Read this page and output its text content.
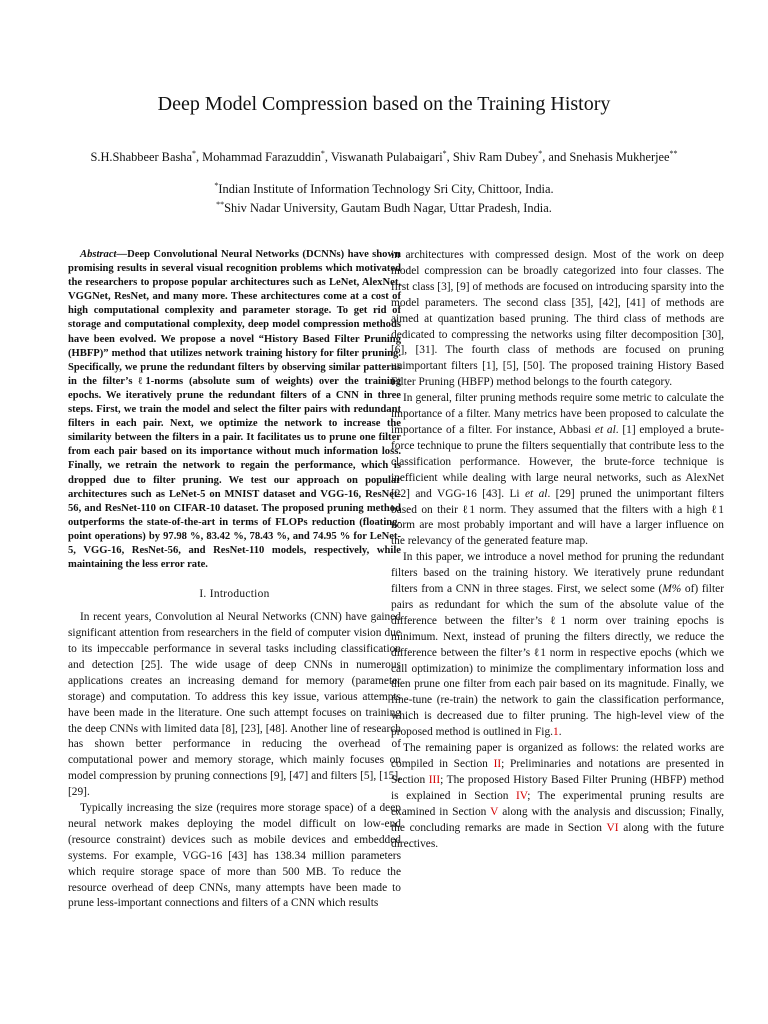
Deep Model Compression based on the Training History
S.H.Shabbeer Basha*, Mohammad Farazuddin*, Viswanath Pulabaigari*, Shiv Ram Dubey*, and Snehasis Mukherjee**
*Indian Institute of Information Technology Sri City, Chittoor, India.
**Shiv Nadar University, Gautam Budh Nagar, Uttar Pradesh, India.

Abstract—Deep Convolutional Neural Networks (DCNNs) have shown promising results in several visual recognition problems which motivated the researchers to propose popular architectures such as LeNet, AlexNet, VGGNet, ResNet, and many more. These architectures come at a cost of high computational complexity and parameter storage. To get rid of storage and computational complexity, deep model compression methods have been evolved. We propose a novel “History Based Filter Pruning (HBFP)” method that utilizes network training history for filter pruning. Specifically, we prune the redundant filters by observing similar patterns in the filter’s ℓ1-norms (absolute sum of weights) over the training epochs. We iteratively prune the redundant filters of a CNN in three steps. First, we train the model and select the filter pairs with redundant filters in each pair. Next, we optimize the network to increase the similarity between the filters in a pair. It facilitates us to prune one filter from each pair based on its importance without much information loss. Finally, we retrain the network to regain the performance, which is dropped due to filter pruning. We test our approach on popular architectures such as LeNet-5 on MNIST dataset and VGG-16, ResNet-56, and ResNet-110 on CIFAR-10 dataset. The proposed pruning method outperforms the state-of-the-art in terms of FLOPs reduction (floating-point operations) by 97.98 %, 83.42 %, 78.43 %, and 74.95 % for LeNet-5, VGG-16, ResNet-56, and ResNet-110 models, respectively, while maintaining the less error rate.

I. Introduction

In recent years, Convolution al Neural Networks (CNN) have gained significant attention from researchers in the field of computer vision due to its impeccable performance in several tasks including classification and detection [25]. The wide usage of deep CNNs in numerous applications creates an increasing demand for memory (parameter storage) and computation. To address this key issue, various attempts have been made in the literature. One such attempt focuses on training the deep CNNs with limited data [8], [23], [48]. Another line of research has shown better performance in reducing the overhead of computational power and memory storage, which mainly focuses on model compression by pruning connections [9], [47] and filters [5], [15], [29].

Typically increasing the size (requires more storage space) of a deep neural network makes deploying the model difficult on low-end (resource constraint) devices such as mobile devices and embedded systems. For example, VGG-16 [43] has 138.34 million parameters which require storage space of more than 500 MB. To reduce the resource overhead of deep CNNs, many attempts have been made to prune less-important connections and filters of a CNN which results

in architectures with compressed design. Most of the work on deep model compression can be broadly categorized into four classes. The first class [3], [9] of methods are focused on introducing sparsity into the model parameters. The second class [35], [42], [41] of methods are aimed at quantization based pruning. The third class of methods are dedicated to compressing the networks using filter decomposition [30], [6], [31]. The fourth class of methods are focused on pruning unimportant filters [1], [5], [50]. The proposed training History Based Filter Pruning (HBFP) method belongs to the fourth category.

In general, filter pruning methods require some metric to calculate the importance of a filter. Many metrics have been proposed to calculate the importance of a filter. For instance, Abbasi et al. [1] employed a brute-force technique to prune the filters sequentially that contribute less to the classification performance. However, the brute-force technique is inefficient while dealing with large neural networks, such as AlexNet [22] and VGG-16 [43]. Li et al. [29] pruned the unimportant filters based on their ℓ1 norm. They assumed that the filters with a high ℓ1 norm are most probably important and will have a larger influence on the relevancy of the generated feature map.

In this paper, we introduce a novel method for pruning the redundant filters based on the training history. We iteratively prune redundant filters from a CNN in three stages. First, we select some (M% of) filter pairs as redundant for which the sum of the absolute value of the difference between the filter’s ℓ1 norm over training epochs is minimum. Next, instead of pruning the filters directly, we reduce the difference between the filter’s ℓ1 norm in respective epochs (which we call optimization) to minimize the complimentary information loss and then prune one filter from each pair based on its magnitude. Finally, we fine-tune (re-train) the network to gain the classification performance, which is decreased due to filter pruning. The high-level view of the proposed method is outlined in Fig.1.

The remaining paper is organized as follows: the related works are compiled in Section II; Preliminaries and notations are presented in Section III; The proposed History Based Filter Pruning (HBFP) method is explained in Section IV; The experimental pruning results are examined in Section V along with the analysis and discussion; Finally, the concluding remarks are made in Section VI along with the future directives.
